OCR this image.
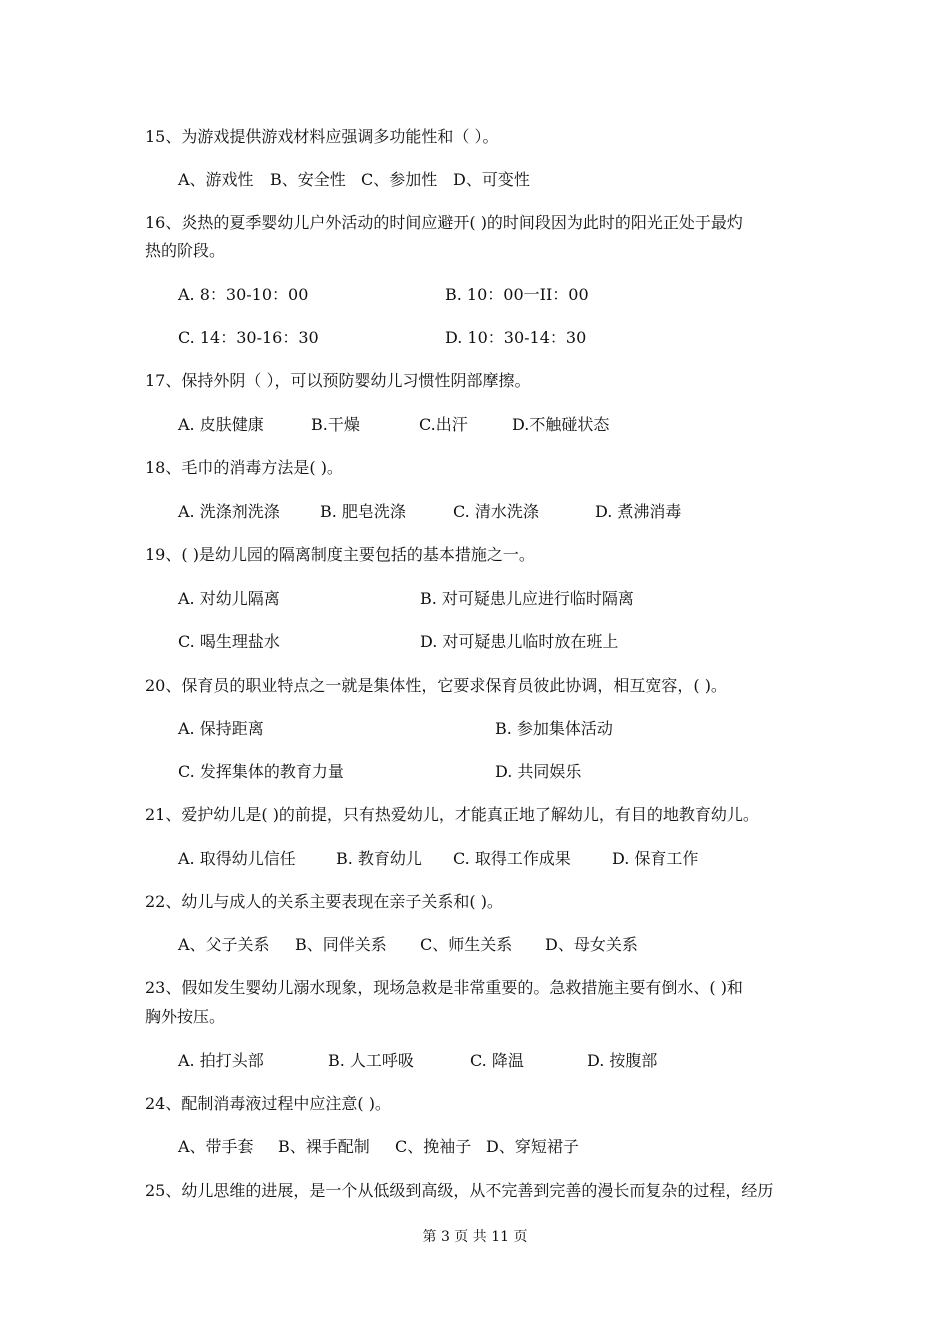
15、为游戏提供游戏材料应强调多功能性和（ ）。
A、游戏性 B、安全性 C、参加性 D、可变性
16、炎热的夏季婴幼儿户外活动的时间应避开( )的时间段因为此时的阳光正处于最灼
热的阶段。
A. 8：30-10：00	B. 10：00一II：00
C. 14：30-16：30	D. 10：30-14：30
17、保持外阴（ ），可以预防婴幼儿习惯性阴部摩擦。
A. 皮肤健康	B.干燥	C.出汗	D.不触碰状态
18、毛巾的消毒方法是( )。
A. 洗涤剂洗涤	B. 肥皂洗涤	C. 清水洗涤	D. 煮沸消毒
19、( )是幼儿园的隔离制度主要包括的基本措施之一。
A. 对幼儿隔离	B. 对可疑患儿应进行临时隔离
C. 喝生理盐水	D. 对可疑患儿临时放在班上
20、保育员的职业特点之一就是集体性，它要求保育员彼此协调，相互宽容，( )。
A. 保持距离	B. 参加集体活动
C. 发挥集体的教育力量	D. 共同娱乐
21、爱护幼儿是( )的前提，只有热爱幼儿，才能真正地了解幼儿，有目的地教育幼儿。
A. 取得幼儿信任	B. 教育幼儿 C. 取得工作成果	D. 保育工作
22、幼儿与成人的关系主要表现在亲子关系和( )。
A、父子关系 B、同伴关系 C、师生关系 D、母女关系
23、假如发生婴幼儿溺水现象，现场急救是非常重要的。急救措施主要有倒水、( )和
胸外按压。
A. 拍打头部	B. 人工呼吸	C. 降温	D. 按腹部
24、配制消毒液过程中应注意( )。
A、带手套 B、裸手配制 C、挽袖子 D、穿短裙子
25、幼儿思维的进展，是一个从低级到高级，从不完善到完善的漫长而复杂的过程，经历
第 3 页 共 11 页
